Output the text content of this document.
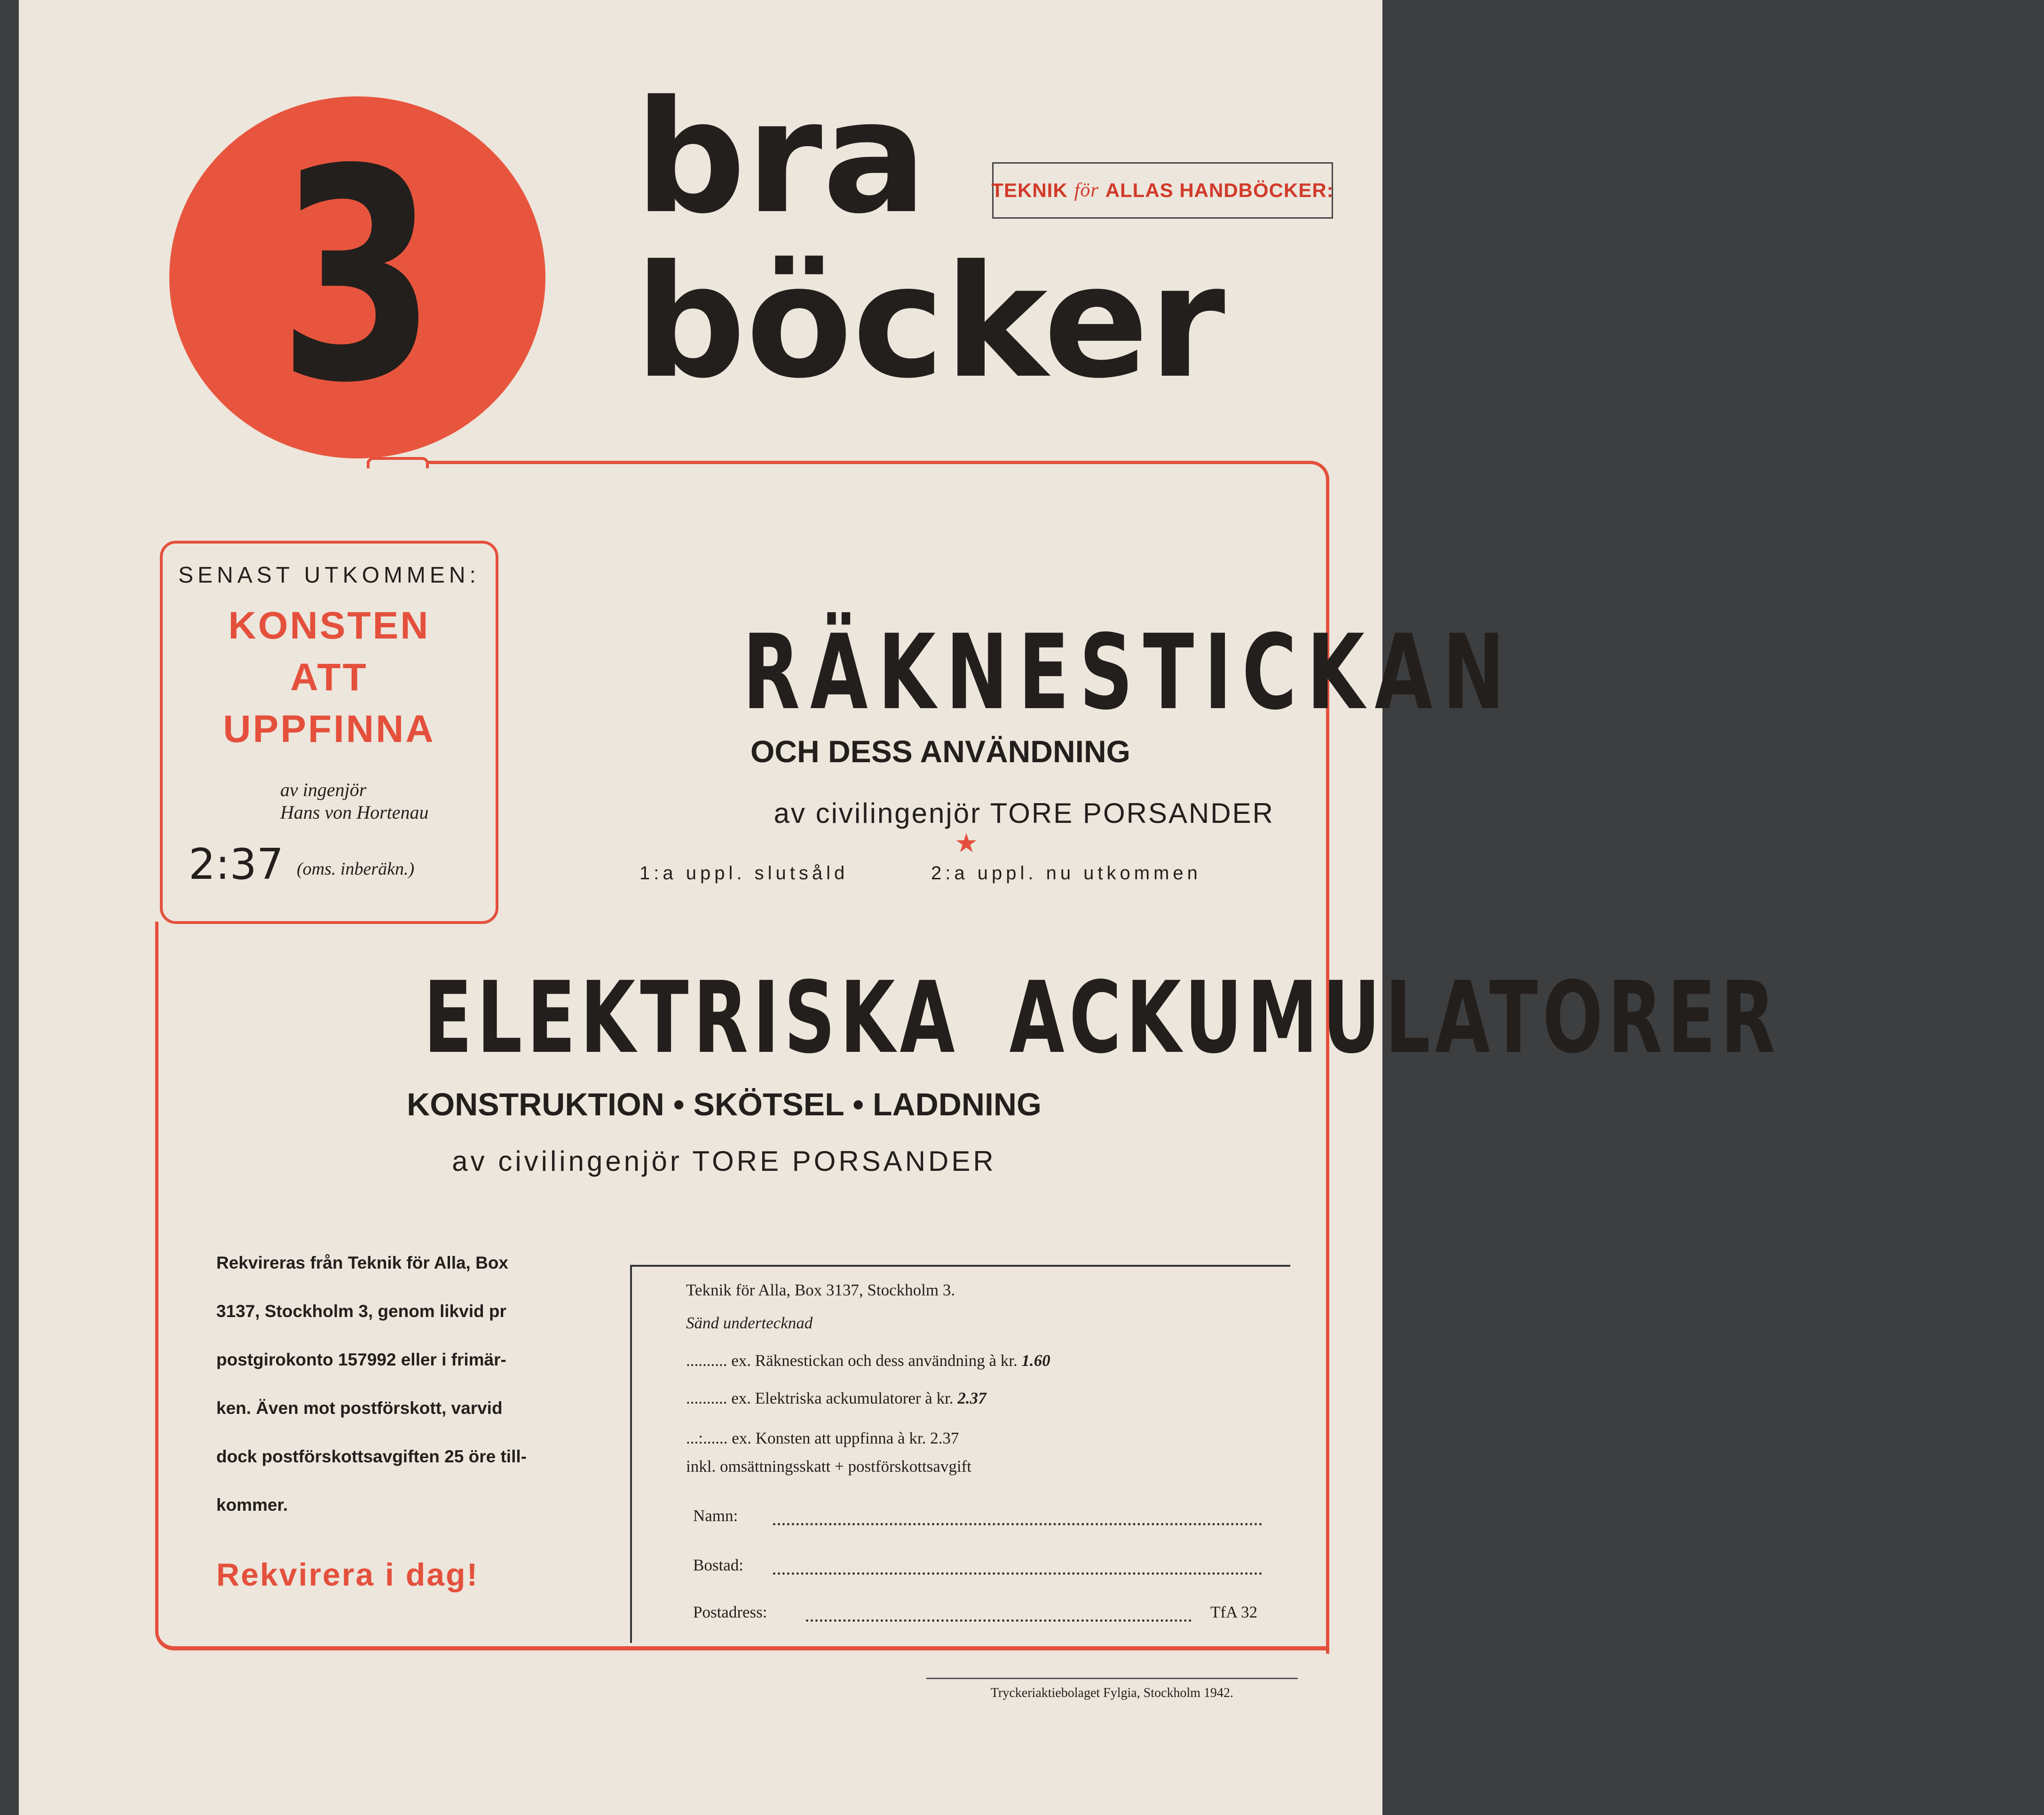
3	bra
böcker
TEKNIK för ALLAS HANDBÖCKER:
SENAST UTKOMMEN:
KONSTEN
ATT
UPPFINNA
av ingenjör
Hans von Hortenau
2:37 (oms. inberäkn.)
RÄKNESTICKAN
OCH DESS ANVÄNDNING
av civilingenjör TORE PORSANDER
★
1:a uppl. slutsåld	2:a uppl. nu utkommen
ELEKTRISKA ACKUMULATORER
KONSTRUKTION • SKÖTSEL • LADDNING
av civilingenjör TORE PORSANDER
Rekvireras från Teknik för Alla, Box
3137, Stockholm 3, genom likvid pr
postgirokonto 157992 eller i frimär-
ken. Även mot postförskott, varvid
dock postförskottsavgiften 25 öre till-
kommer.
Rekvirera i dag!
Teknik för Alla, Box 3137, Stockholm 3.
Sänd undertecknad
.......... ex. Räknestickan och dess användning à kr. 1.60
.......... ex. Elektriska ackumulatorer à kr. 2.37
...:...... ex. Konsten att uppfinna à kr. 2.37
inkl. omsättningsskatt + postförskottsavgift
Namn:
Bostad:
Postadress:	TfA 32
Tryckeriaktiebolaget Fylgia, Stockholm 1942.
